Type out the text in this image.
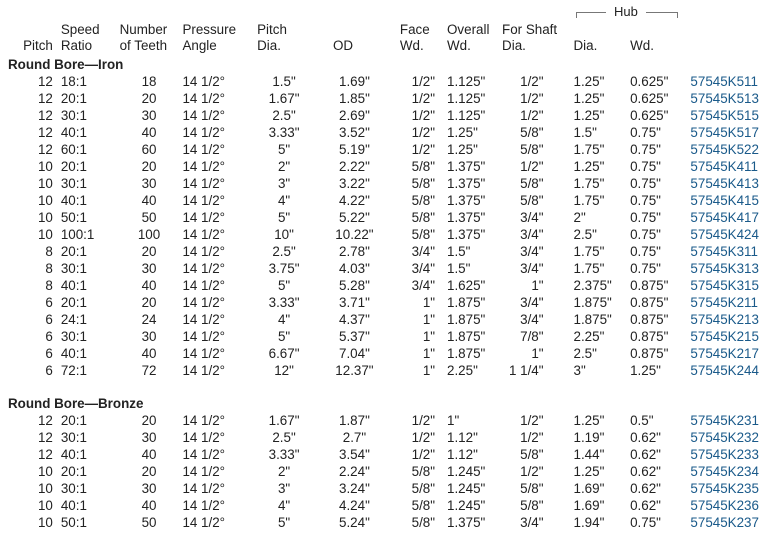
Hub
	Speed	Number	Pressure	Pitch		Face	Overall	For Shaft			
Pitch	Ratio	of Teeth	Angle	Dia.	OD	Wd.	Wd.	Dia.	Dia.	Wd.	
Round Bore—Iron											
12	18:1	18	14 1/2°	1.5"	1.69"	1/2"	1.125"	1/2"	1.25"	0.625"	57545K511
12	20:1	20	14 1/2°	1.67"	1.85"	1/2"	1.125"	1/2"	1.25"	0.625"	57545K513
12	30:1	30	14 1/2°	2.5"	2.69"	1/2"	1.125"	1/2"	1.25"	0.625"	57545K515
12	40:1	40	14 1/2°	3.33"	3.52"	1/2"	1.25"	5/8"	1.5"	0.75"	57545K517
12	60:1	60	14 1/2°	5"	5.19"	1/2"	1.25"	5/8"	1.75"	0.75"	57545K522
10	20:1	20	14 1/2°	2"	2.22"	5/8"	1.375"	1/2"	1.25"	0.75"	57545K411
10	30:1	30	14 1/2°	3"	3.22"	5/8"	1.375"	5/8"	1.75"	0.75"	57545K413
10	40:1	40	14 1/2°	4"	4.22"	5/8"	1.375"	5/8"	1.75"	0.75"	57545K415
10	50:1	50	14 1/2°	5"	5.22"	5/8"	1.375"	3/4"	2"	0.75"	57545K417
10	100:1	100	14 1/2°	10"	10.22"	5/8"	1.375"	3/4"	2.5"	0.75"	57545K424
8	20:1	20	14 1/2°	2.5"	2.78"	3/4"	1.5"	3/4"	1.75"	0.75"	57545K311
8	30:1	30	14 1/2°	3.75"	4.03"	3/4"	1.5"	3/4"	1.75"	0.75"	57545K313
8	40:1	40	14 1/2°	5"	5.28"	3/4"	1.625"	1"	2.375"	0.875"	57545K315
6	20:1	20	14 1/2°	3.33"	3.71"	1"	1.875"	3/4"	1.875"	0.875"	57545K211
6	24:1	24	14 1/2°	4"	4.37"	1"	1.875"	3/4"	1.875"	0.875"	57545K213
6	30:1	30	14 1/2°	5"	5.37"	1"	1.875"	7/8"	2.25"	0.875"	57545K215
6	40:1	40	14 1/2°	6.67"	7.04"	1"	1.875"	1"	2.5"	0.875"	57545K217
6	72:1	72	14 1/2°	12"	12.37"	1"	2.25"	1 1/4"	3"	1.25"	57545K244

Round Bore—Bronze											
12	20:1	20	14 1/2°	1.67"	1.87"	1/2"	1"	1/2"	1.25"	0.5"	57545K231
12	30:1	30	14 1/2°	2.5"	2.7"	1/2"	1.12"	1/2"	1.19"	0.62"	57545K232
12	40:1	40	14 1/2°	3.33"	3.54"	1/2"	1.12"	5/8"	1.44"	0.62"	57545K233
10	20:1	20	14 1/2°	2"	2.24"	5/8"	1.245"	1/2"	1.25"	0.62"	57545K234
10	30:1	30	14 1/2°	3"	3.24"	5/8"	1.245"	5/8"	1.69"	0.62"	57545K235
10	40:1	40	14 1/2°	4"	4.24"	5/8"	1.245"	5/8"	1.69"	0.62"	57545K236
10	50:1	50	14 1/2°	5"	5.24"	5/8"	1.375"	3/4"	1.94"	0.75"	57545K237
